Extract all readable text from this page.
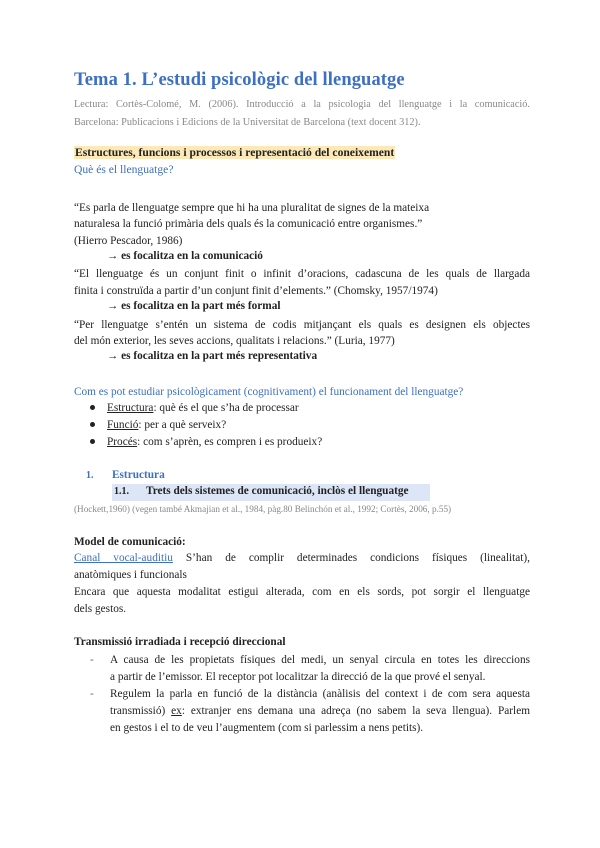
Tema 1. L’estudi psicològic del llenguatge
Lectura: Cortès-Colomé, M. (2006). Introducció a la psicologia del llenguatge i la comunicació.
Barcelona: Publicacions i Edicions de la Universitat de Barcelona (text docent 312).
Estructures, funcions i processos i representació del coneixement
Què és el llenguatge?
“Es parla de llenguatge sempre que hi ha una pluralitat de signes de la mateixa
naturalesa la funció primària dels quals és la comunicació entre organismes.”
(Hierro Pescador, 1986)
→ es focalitza en la comunicació
“El llenguatge és un conjunt finit o infinit d’oracions, cadascuna de les quals de llargada
finita i construïda a partir d’un conjunt finit d’elements.” (Chomsky, 1957/1974)
→ es focalitza en la part més formal
“Per llenguatge s’entén un sistema de codis mitjançant els quals es designen els objectes
del món exterior, les seves accions, qualitats i relacions.” (Luria, 1977)
→ es focalitza en la part més representativa
Com es pot estudiar psicològicament (cognitivament) el funcionament del llenguatge?
Estructura: què és el que s’ha de processar
Funció: per a què serveix?
Procés: com s’aprèn, es compren i es produeix?
1. Estructura
1.1. Trets dels sistemes de comunicació, inclòs el llenguatge
(Hockett,1960) (vegen també Akmajian et al., 1984, pàg.80 Belinchón et al., 1992; Cortès, 2006, p.55)
Model de comunicació:
Canal vocal-auditiu S’han de complir determinades condicions físiques (linealitat),
anatòmiques i funcionals
Encara que aquesta modalitat estigui alterada, com en els sords, pot sorgir el llenguatge
dels gestos.
Transmissió irradiada i recepció direccional
- A causa de les propietats físiques del medi, un senyal circula en totes les direccions
a partir de l’emissor. El receptor pot localitzar la direcció de la que prové el senyal.
- Regulem la parla en funció de la distància (anàlisis del context i de com sera aquesta
transmissió) ex: extranjer ens demana una adreça (no sabem la seva llengua). Parlem
en gestos i el to de veu l’augmentem (com si parlessim a nens petits).
